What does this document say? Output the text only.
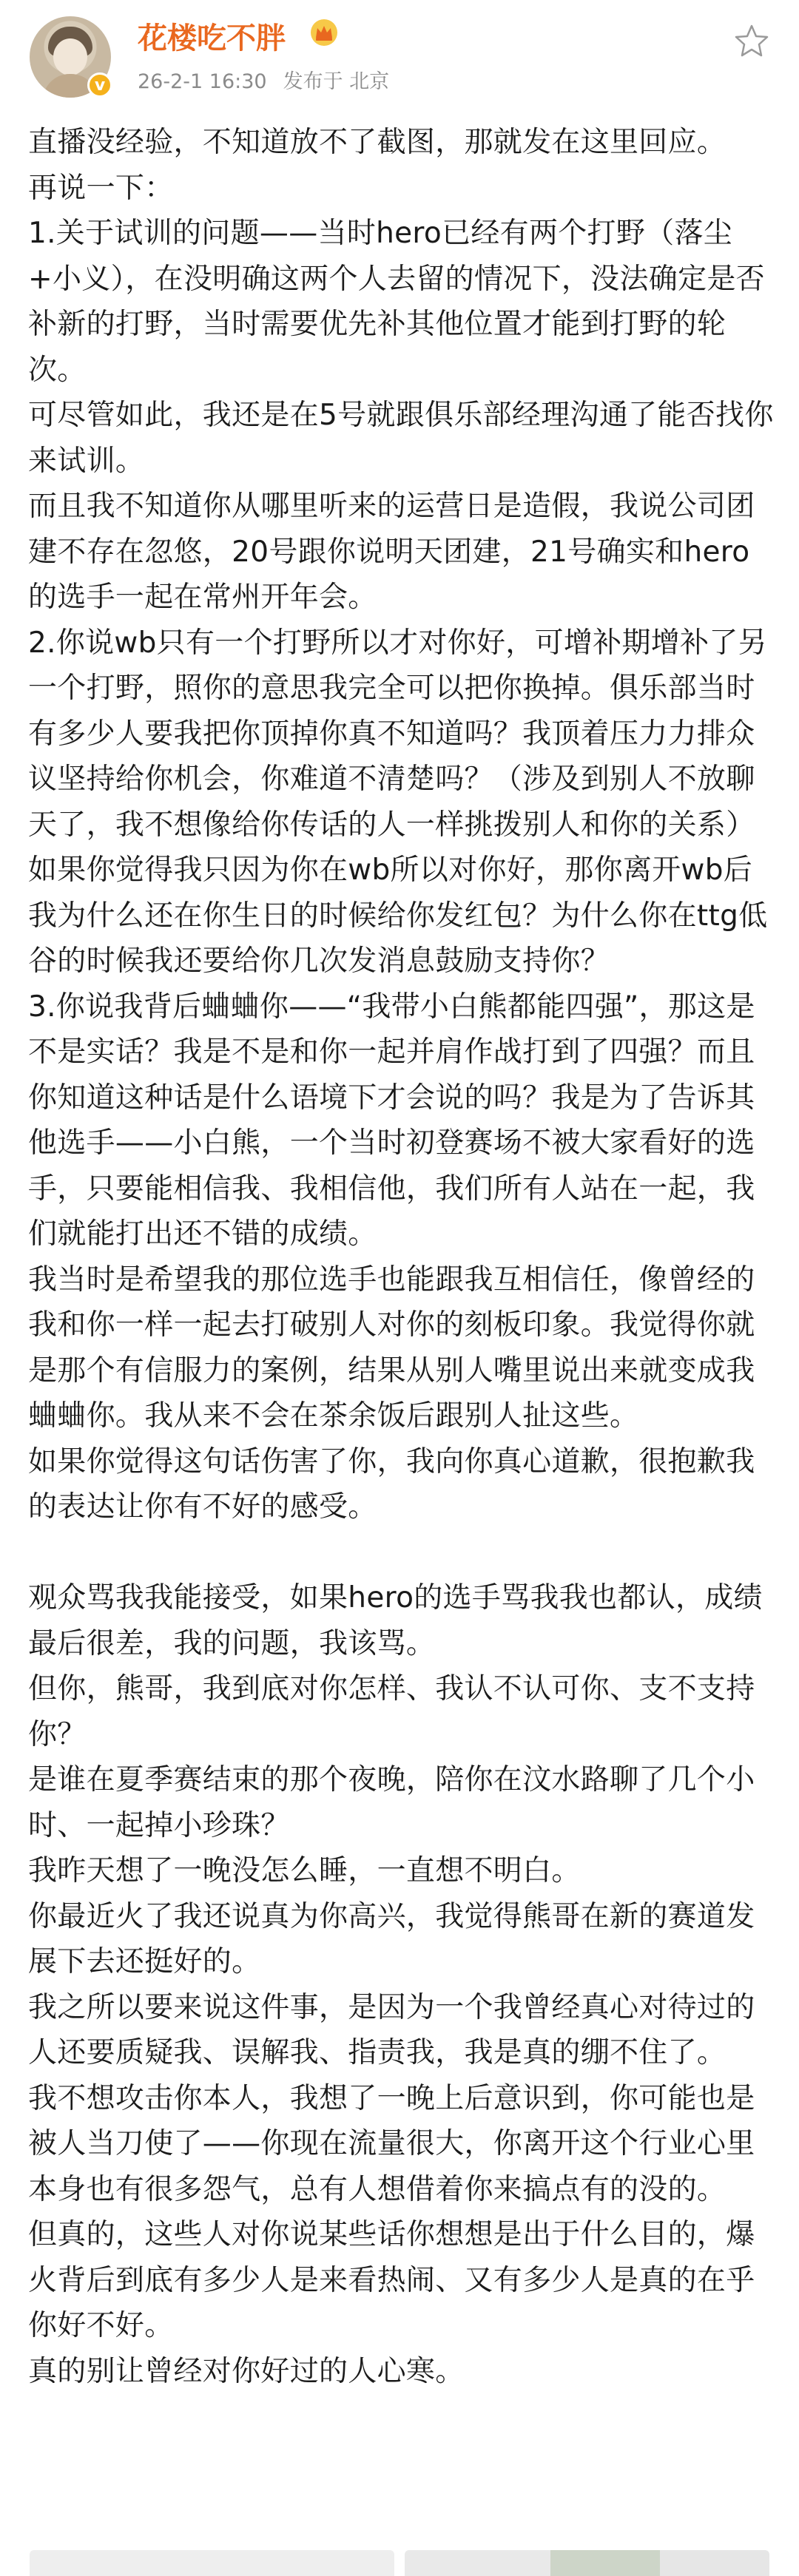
v
花楼吃不胖
26-2-1 16:30 发布于 北京

直播没经验，不知道放不了截图，那就发在这里回应。

再说一下：

1.关于试训的问题——当时hero已经有两个打野（落尘+小义），在没明确这两个人去留的情况下，没法确定是否补新的打野，当时需要优先补其他位置才能到打野的轮次。

可尽管如此，我还是在5号就跟俱乐部经理沟通了能否找你来试训。

而且我不知道你从哪里听来的运营日是造假，我说公司团建不存在忽悠，20号跟你说明天团建，21号确实和hero的选手一起在常州开年会。

2.你说wb只有一个打野所以才对你好，可增补期增补了另一个打野，照你的意思我完全可以把你换掉。俱乐部当时有多少人要我把你顶掉你真不知道吗？我顶着压力力排众议坚持给你机会，你难道不清楚吗？（涉及到别人不放聊天了，我不想像给你传话的人一样挑拨别人和你的关系）

如果你觉得我只因为你在wb所以对你好，那你离开wb后我为什么还在你生日的时候给你发红包？为什么你在ttg低谷的时候我还要给你几次发消息鼓励支持你？

3.你说我背后蛐蛐你——“我带小白熊都能四强”，那这是不是实话？我是不是和你一起并肩作战打到了四强？而且你知道这种话是什么语境下才会说的吗？我是为了告诉其他选手——小白熊，一个当时初登赛场不被大家看好的选手，只要能相信我、我相信他，我们所有人站在一起，我们就能打出还不错的成绩。

我当时是希望我的那位选手也能跟我互相信任，像曾经的我和你一样一起去打破别人对你的刻板印象。我觉得你就是那个有信服力的案例，结果从别人嘴里说出来就变成我蛐蛐你。我从来不会在茶余饭后跟别人扯这些。

如果你觉得这句话伤害了你，我向你真心道歉，很抱歉我的表达让你有不好的感受。

观众骂我我能接受，如果hero的选手骂我我也都认，成绩最后很差，我的问题，我该骂。

但你，熊哥，我到底对你怎样、我认不认可你、支不支持你？

是谁在夏季赛结束的那个夜晚，陪你在汶水路聊了几个小时、一起掉小珍珠？

我昨天想了一晚没怎么睡，一直想不明白。

你最近火了我还说真为你高兴，我觉得熊哥在新的赛道发展下去还挺好的。

我之所以要来说这件事，是因为一个我曾经真心对待过的人还要质疑我、误解我、指责我，我是真的绷不住了。

我不想攻击你本人，我想了一晚上后意识到，你可能也是被人当刀使了——你现在流量很大，你离开这个行业心里本身也有很多怨气，总有人想借着你来搞点有的没的。

但真的，这些人对你说某些话你想想是出于什么目的，爆火背后到底有多少人是来看热闹、又有多少人是真的在乎你好不好。

真的别让曾经对你好过的人心寒。
